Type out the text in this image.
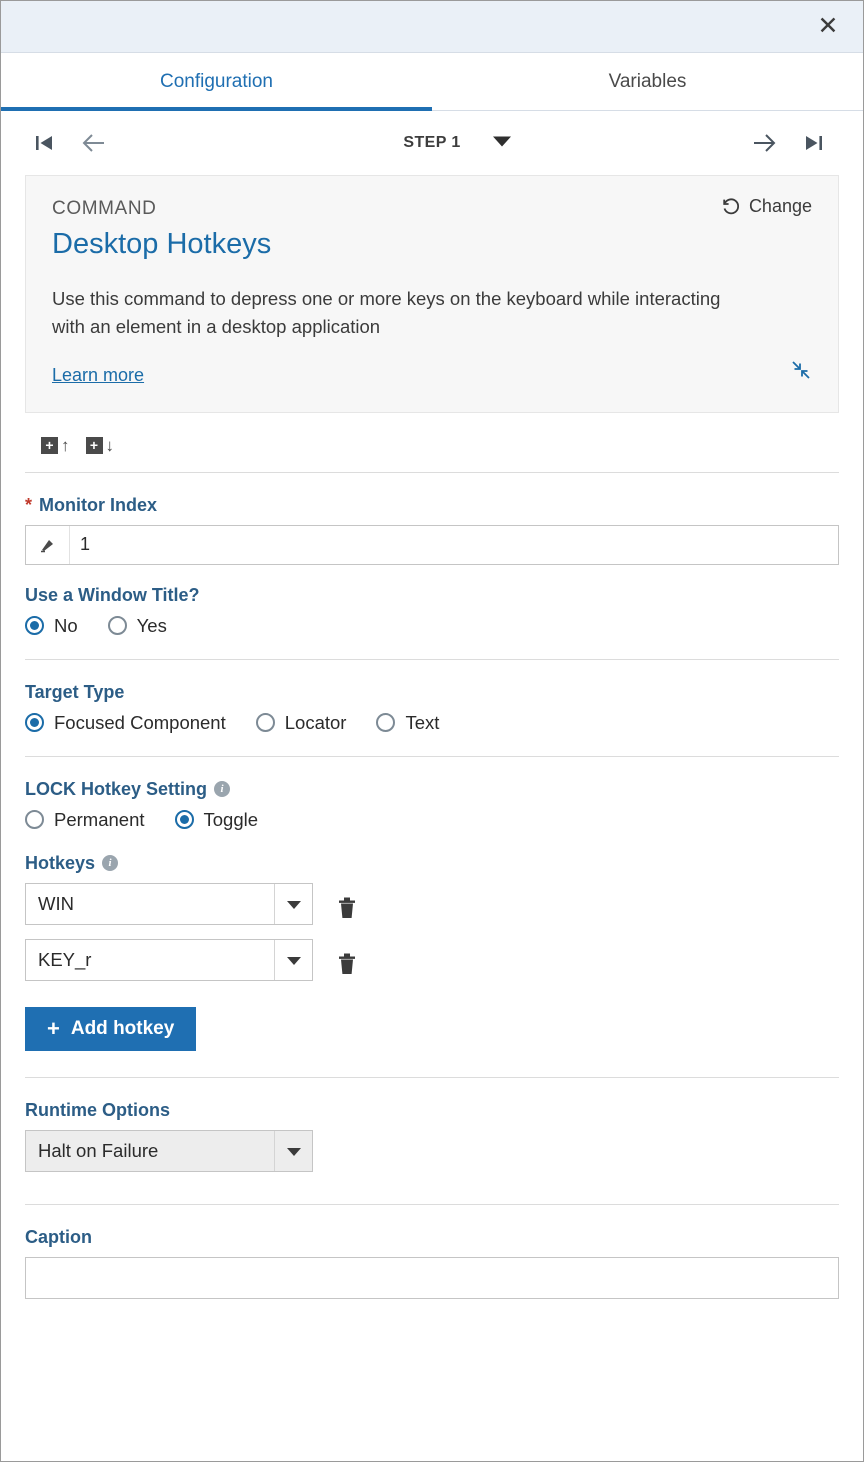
✕
Configuration	Variables
STEP 1
Change
COMMAND
Desktop Hotkeys
Use this command to depress one or more keys on the keyboard while interacting with an element in a desktop application
Learn more
+ ↑	+ ↓
* Monitor Index
1
Use a Window Title?
No	Yes
Target Type
Focused Component	Locator	Text
LOCK Hotkey Setting	i
Permanent	Toggle
Hotkeys	i
WIN
KEY_r
+ Add hotkey
Runtime Options
Halt on Failure
Caption
